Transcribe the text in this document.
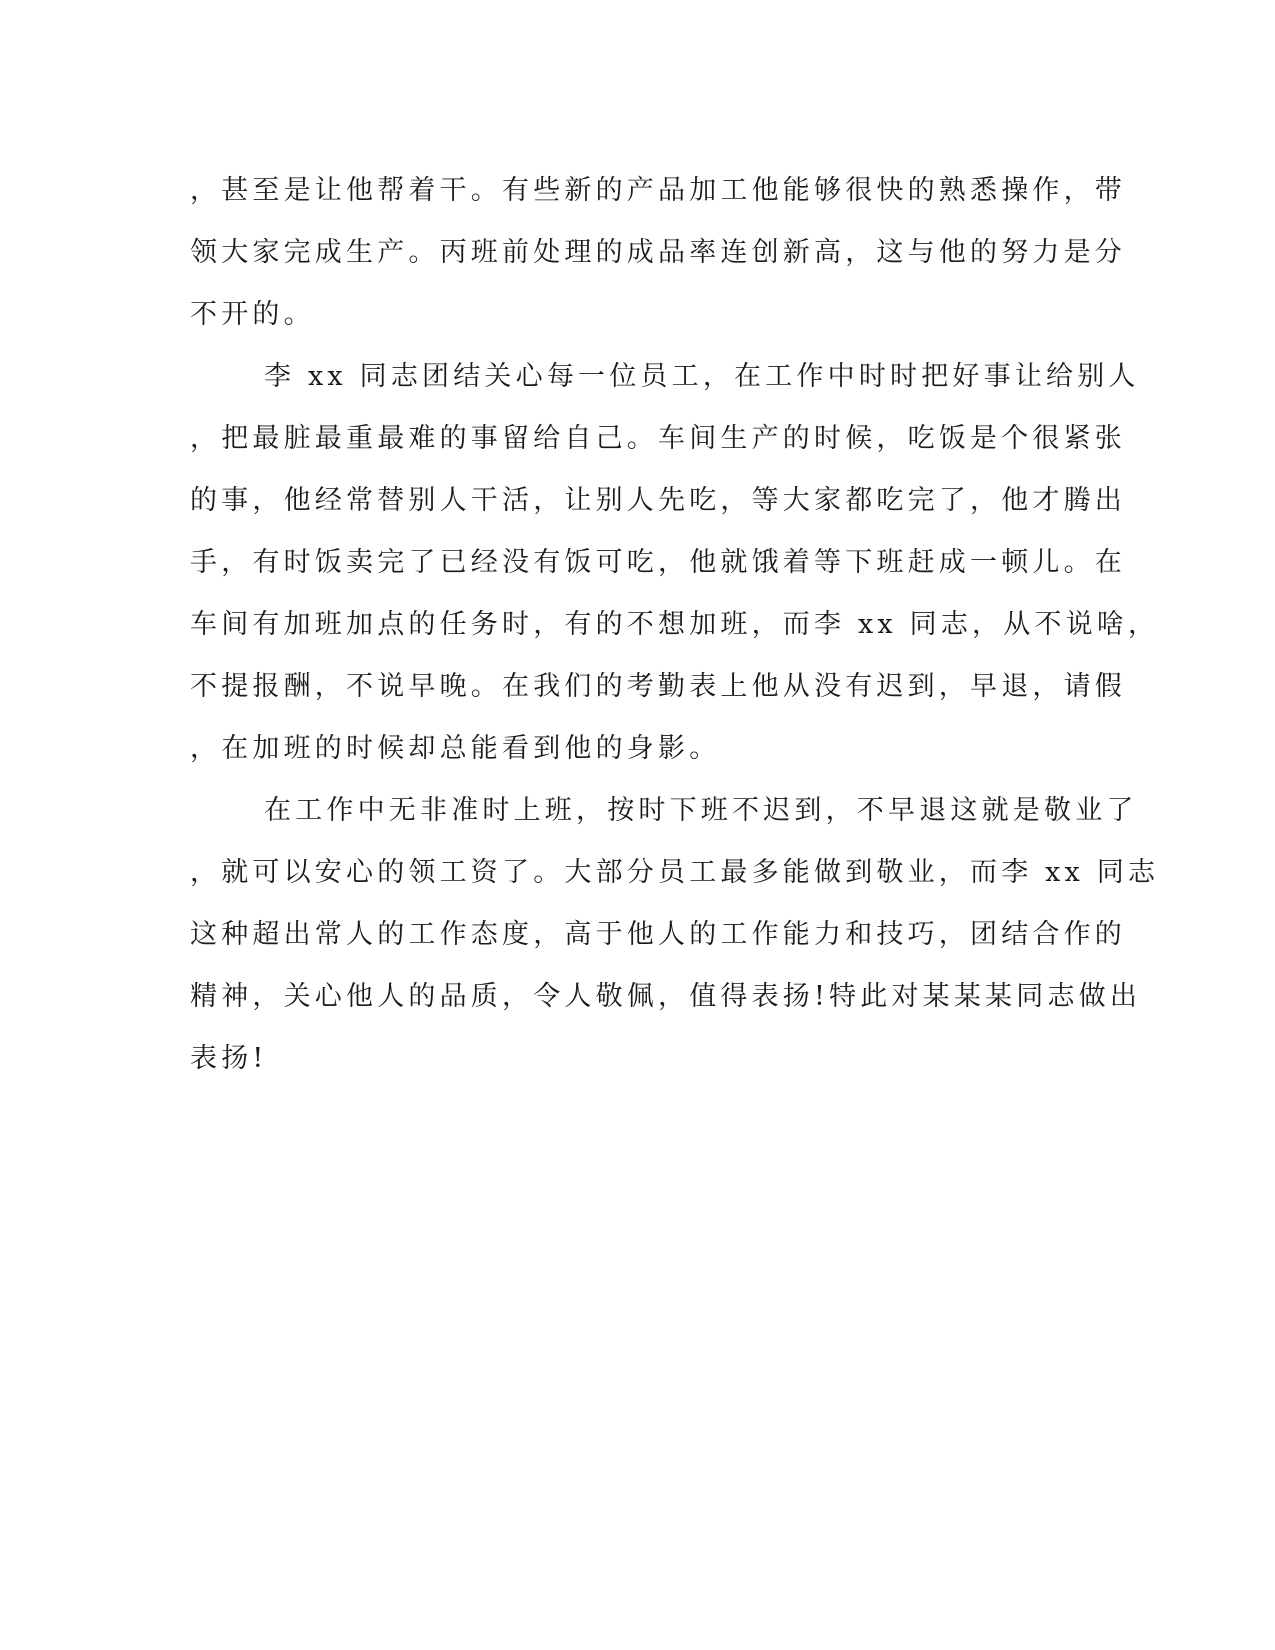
，甚至是让他帮着干。有些新的产品加工他能够很快的熟悉操作，带
领大家完成生产。丙班前处理的成品率连创新高，这与他的努力是分
不开的。
李 xx 同志团结关心每一位员工，在工作中时时把好事让给别人
，把最脏最重最难的事留给自己。车间生产的时候，吃饭是个很紧张
的事，他经常替别人干活，让别人先吃，等大家都吃完了，他才腾出
手，有时饭卖完了已经没有饭可吃，他就饿着等下班赶成一顿儿。在
车间有加班加点的任务时，有的不想加班，而李 xx 同志，从不说啥，
不提报酬，不说早晚。在我们的考勤表上他从没有迟到，早退，请假
，在加班的时候却总能看到他的身影。
在工作中无非准时上班，按时下班不迟到，不早退这就是敬业了
，就可以安心的领工资了。大部分员工最多能做到敬业，而李 xx 同志
这种超出常人的工作态度，高于他人的工作能力和技巧，团结合作的
精神，关心他人的品质，令人敬佩，值得表扬!特此对某某某同志做出
表扬!
